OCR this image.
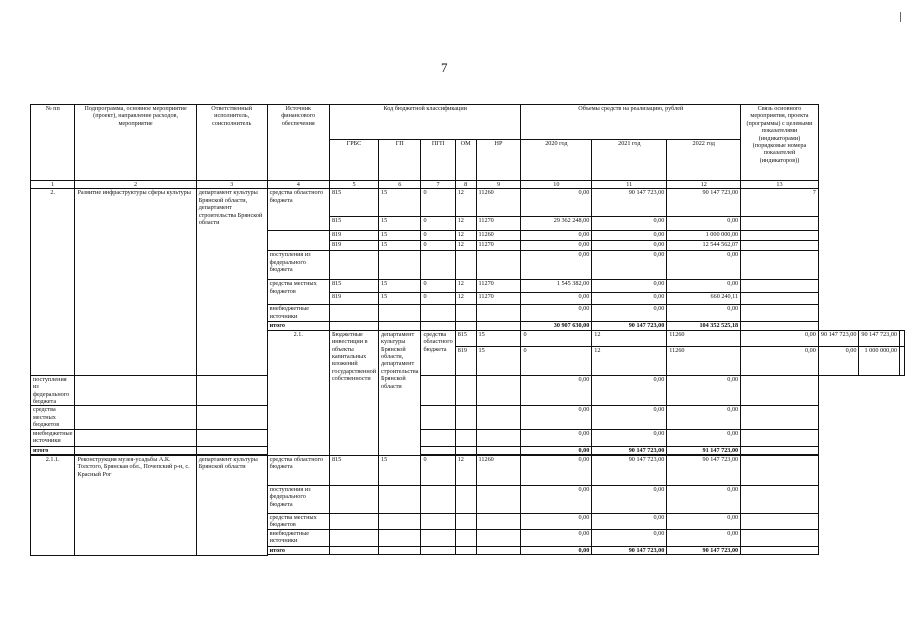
7
№ пп	Подпрограмма, основное мероприятие (проект), направление расходов, мероприятие	Ответственный исполнитель, соисполнитель	Источник финансового обеспечения	Код бюджетной классификации					Объемы средств на реализацию, рублей			Связь основного мероприятия, проекта (программы) с целевыми показателями (индикаторами) (порядковые номера показателей (индикаторов))			
				ГРБС	ГП	ПГП	ОМ	НР	2020 год	2021 год	2022 год				
1	2	3	4	5	6	7	8	9	10	11	12	13			
2.	Развитие инфраструктуры сферы культуры	департамент культуры Брянской области, департамент строительства Брянской области	средства областного бюджета	815	15	0	12	11260	0,00	90 147 723,00	90 147 723,00	7			
				815	15	0	12	11270	29 362 248,00	0,00	0,00				
				819	15	0	12	11260	0,00	0,00	1 000 000,00				
				819	15	0	12	11270	0,00	0,00	12 544 562,07				
			поступления из федерального бюджета						0,00	0,00	0,00				
			средства местных бюджетов	815	15	0	12	11270	1 545 382,00	0,00	0,00				
				819	15	0	12	11270	0,00	0,00	660 240,11				
			внебюджетные источники						0,00	0,00	0,00				
			итого						30 907 630,00	90 147 723,00	104 352 525,18				
			2.1.	Бюджетные инвестиции в объекты капитальных вложений государственной собственности	департамент культуры Брянской области, департамент строительства Брянской области	средства областного бюджета	815	15	0	12	11260	0,00	90 147 723,00	90 147 723,00	
							819	15	0	12	11260	0,00	0,00	1 000 000,00	
поступления из федерального бюджета									0,00	0,00	0,00				
средства местных бюджетов									0,00	0,00	0,00				
внебюджетные источники									0,00	0,00	0,00				
итого									0,00	90 147 723,00	91 147 723,00				

2.1.1.	Реконструкция музея-усадьбы А.К. Толстого, Брянская обл., Почепский р-н, с. Красный Рог	департамент культуры Брянской области	средства областного бюджета	815	15	0	12	11260	0,00	90 147 723,00	90 147 723,00				
			поступления из федерального бюджета						0,00	0,00	0,00				
			средства местных бюджетов						0,00	0,00	0,00				
			внебюджетные источники						0,00	0,00	0,00				
			итого						0,00	90 147 723,00	90 147 723,00				
